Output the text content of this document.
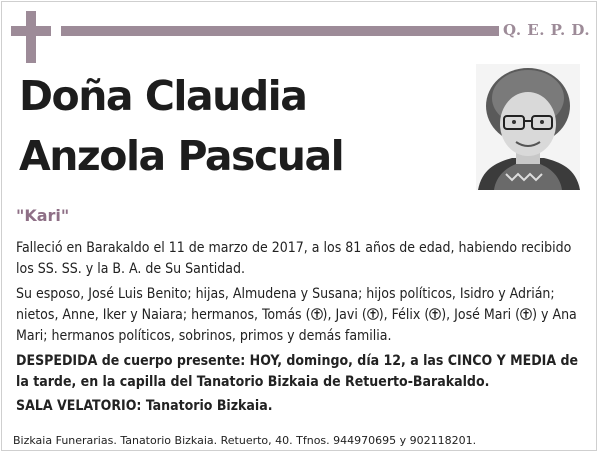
Q. E. P. D.
Doña Claudia
Anzola Pascual
"Kari"
Falleció en Barakaldo el 11 de marzo de 2017, a los 81 años de edad, habiendo recibido los SS. SS. y la B. A. de Su Santidad.
Su esposo, José Luis Benito; hijas, Almudena y Susana; hijos políticos, Isidro y Adrián; nietos, Anne, Iker y Naiara; hermanos, Tomás ( ), Javi ( ), Félix ( ), José Mari ( ) y Ana Mari; hermanos políticos, sobrinos, primos y demás familia.
DESPEDIDA de cuerpo presente: HOY, domingo, día 12, a las CINCO Y MEDIA de la tarde, en la capilla del Tanatorio Bizkaia de Retuerto-Barakaldo.
SALA VELATORIO: Tanatorio Bizkaia.
Bizkaia Funerarias. Tanatorio Bizkaia. Retuerto, 40. Tfnos. 944970695 y 902118201.
